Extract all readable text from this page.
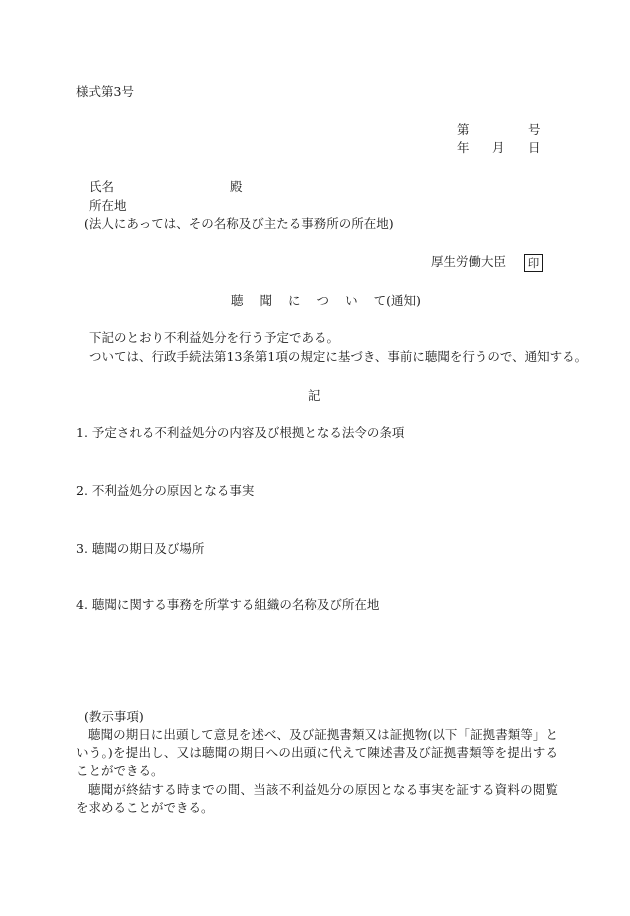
様式第3号
第	号
年 月 日
氏名	殿
所在地
(法人にあっては、その名称及び主たる事務所の所在地)
厚生労働大臣	印
聴 聞 に つ い て(通知)
下記のとおり不利益処分を行う予定である。
ついては、行政手続法第13条第1項の規定に基づき、事前に聴聞を行うので、通知する。
記
1. 予定される不利益処分の内容及び根拠となる法令の条項
2. 不利益処分の原因となる事実
3. 聴聞の期日及び場所
4. 聴聞に関する事務を所掌する組織の名称及び所在地
(教示事項)
聴聞の期日に出頭して意見を述べ、及び証拠書類又は証拠物(以下「証拠書類等」という。)を提出し、又は聴聞の期日への出頭に代えて陳述書及び証拠書類等を提出することができる。
聴聞が終結する時までの間、当該不利益処分の原因となる事実を証する資料の閲覧を求めることができる。
